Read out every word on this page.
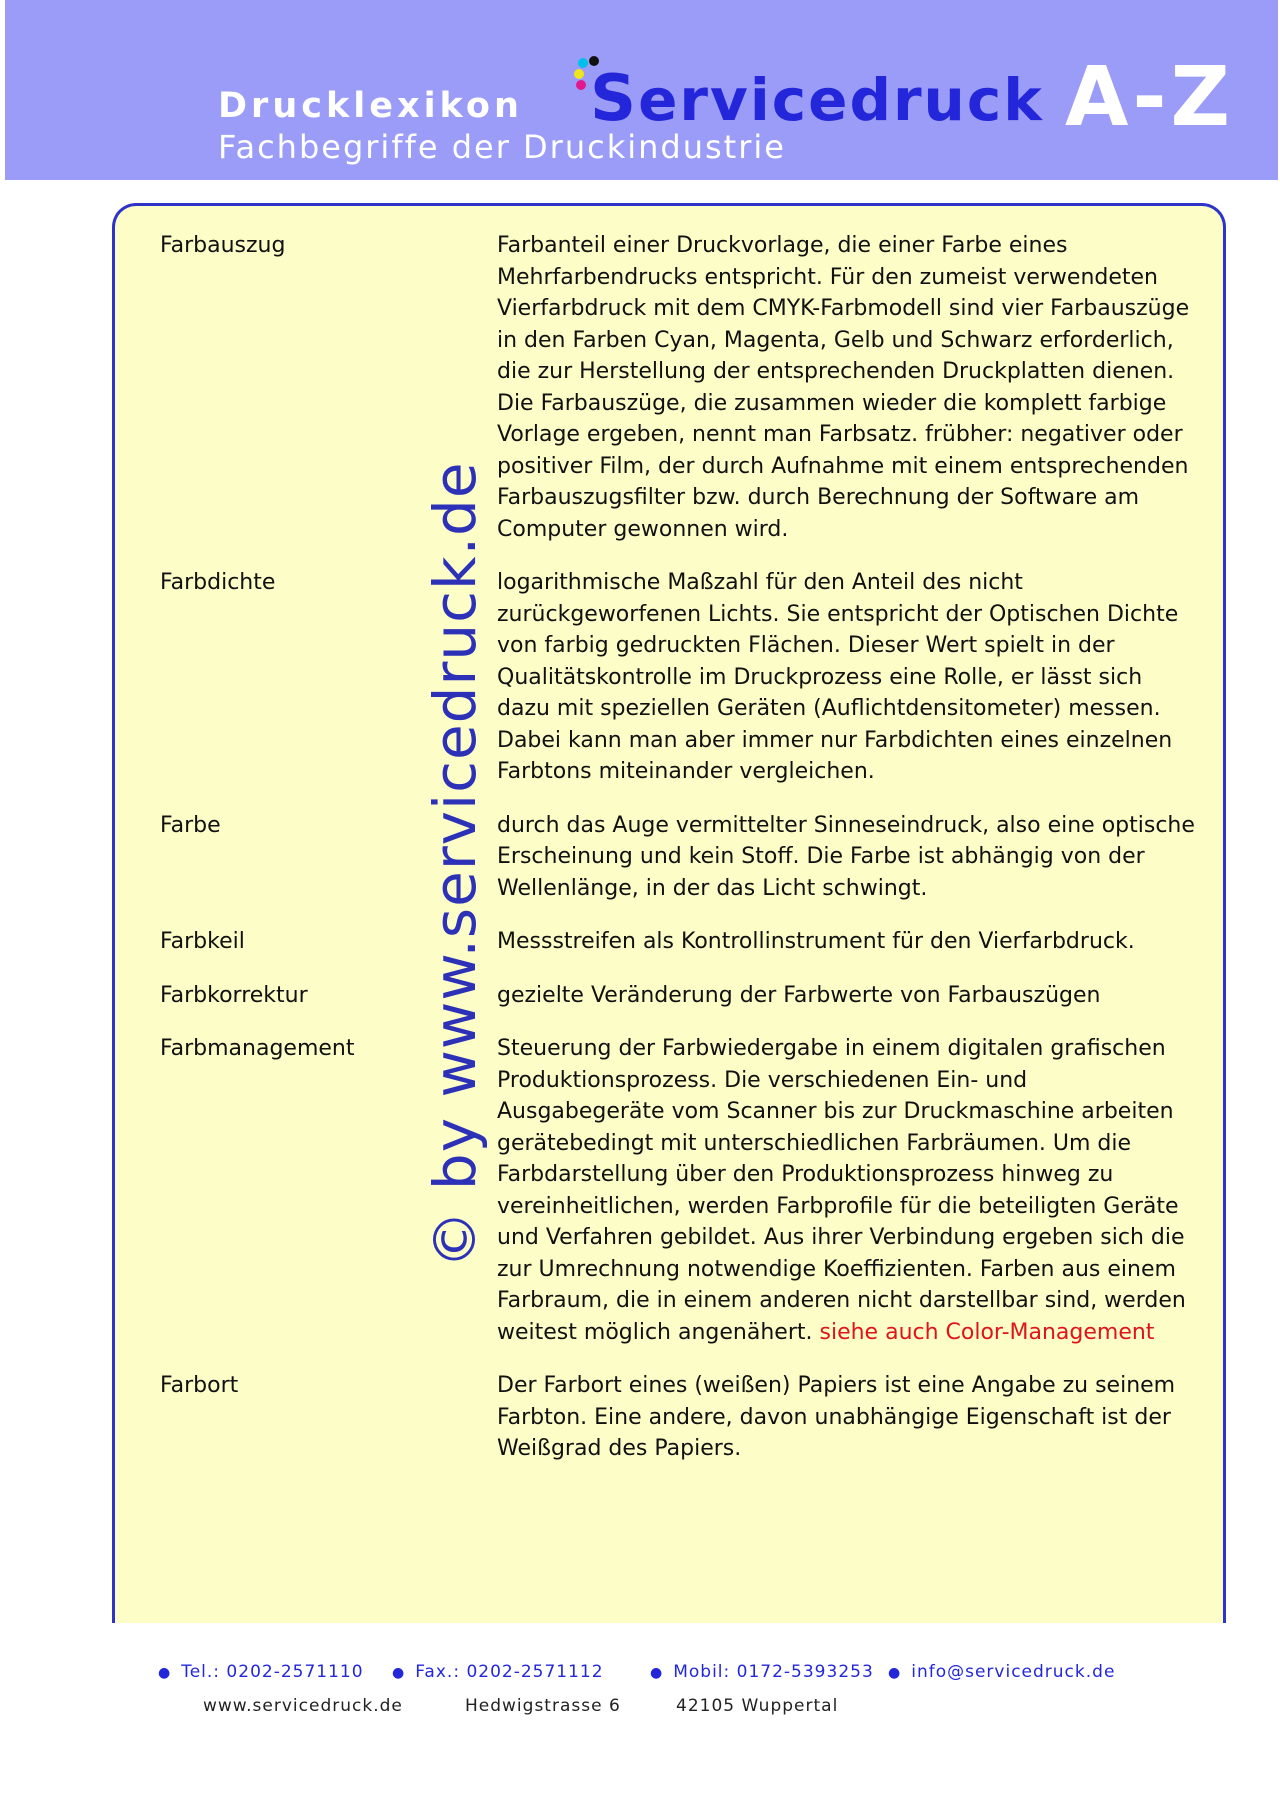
Drucklexikon
Fachbegriffe der Druckindustrie
Servicedruck A-Z
© by www.servicedruck.de
Farbauszug	Farbanteil einer Druckvorlage, die einer Farbe eines Mehrfarbendrucks entspricht. Für den zumeist verwendeten Vierfarbdruck mit dem CMYK-Farbmodell sind vier Farbauszüge in den Farben Cyan, Magenta, Gelb und Schwarz erforderlich, die zur Herstellung der entsprechenden Druckplatten dienen. Die Farbauszüge, die zusammen wieder die komplett farbige Vorlage ergeben, nennt man Farbsatz. frübher: negativer oder positiver Film, der durch Aufnahme mit einem entsprechenden Farbauszugsfilter bzw. durch Berechnung der Software am Computer gewonnen wird.
Farbdichte	logarithmische Maßzahl für den Anteil des nicht zurückgeworfenen Lichts. Sie entspricht der Optischen Dichte von farbig gedruckten Flächen. Dieser Wert spielt in der Qualitätskontrolle im Druckprozess eine Rolle, er lässt sich dazu mit speziellen Geräten (Auflichtdensitometer) messen. Dabei kann man aber immer nur Farbdichten eines einzelnen Farbtons miteinander vergleichen.
Farbe	durch das Auge vermittelter Sinneseindruck, also eine optische Erscheinung und kein Stoff. Die Farbe ist abhängig von der Wellenlänge, in der das Licht schwingt.
Farbkeil	Messstreifen als Kontrollinstrument für den Vierfarbdruck.
Farbkorrektur	gezielte Veränderung der Farbwerte von Farbauszügen
Farbmanagement	Steuerung der Farbwiedergabe in einem digitalen grafischen Produktionsprozess. Die verschiedenen Ein- und Ausgabegeräte vom Scanner bis zur Druckmaschine arbeiten gerätebedingt mit unterschiedlichen Farbräumen. Um die Farbdarstellung über den Produktionsprozess hinweg zu vereinheitlichen, werden Farbprofile für die beteiligten Geräte und Verfahren gebildet. Aus ihrer Verbindung ergeben sich die zur Umrechnung notwendige Koeffizienten. Farben aus einem Farbraum, die in einem anderen nicht darstellbar sind, werden weitest möglich angenähert. siehe auch Color-Management
Farbort	Der Farbort eines (weißen) Papiers ist eine Angabe zu seinem Farbton. Eine andere, davon unabhängige Eigenschaft ist der Weißgrad des Papiers.
● Tel.: 0202-2571110 ● Fax.: 0202-2571112	● Mobil: 0172-5393253 ● info@servicedruck.de
www.servicedruck.de	Hedwigstrasse 6	42105 Wuppertal
